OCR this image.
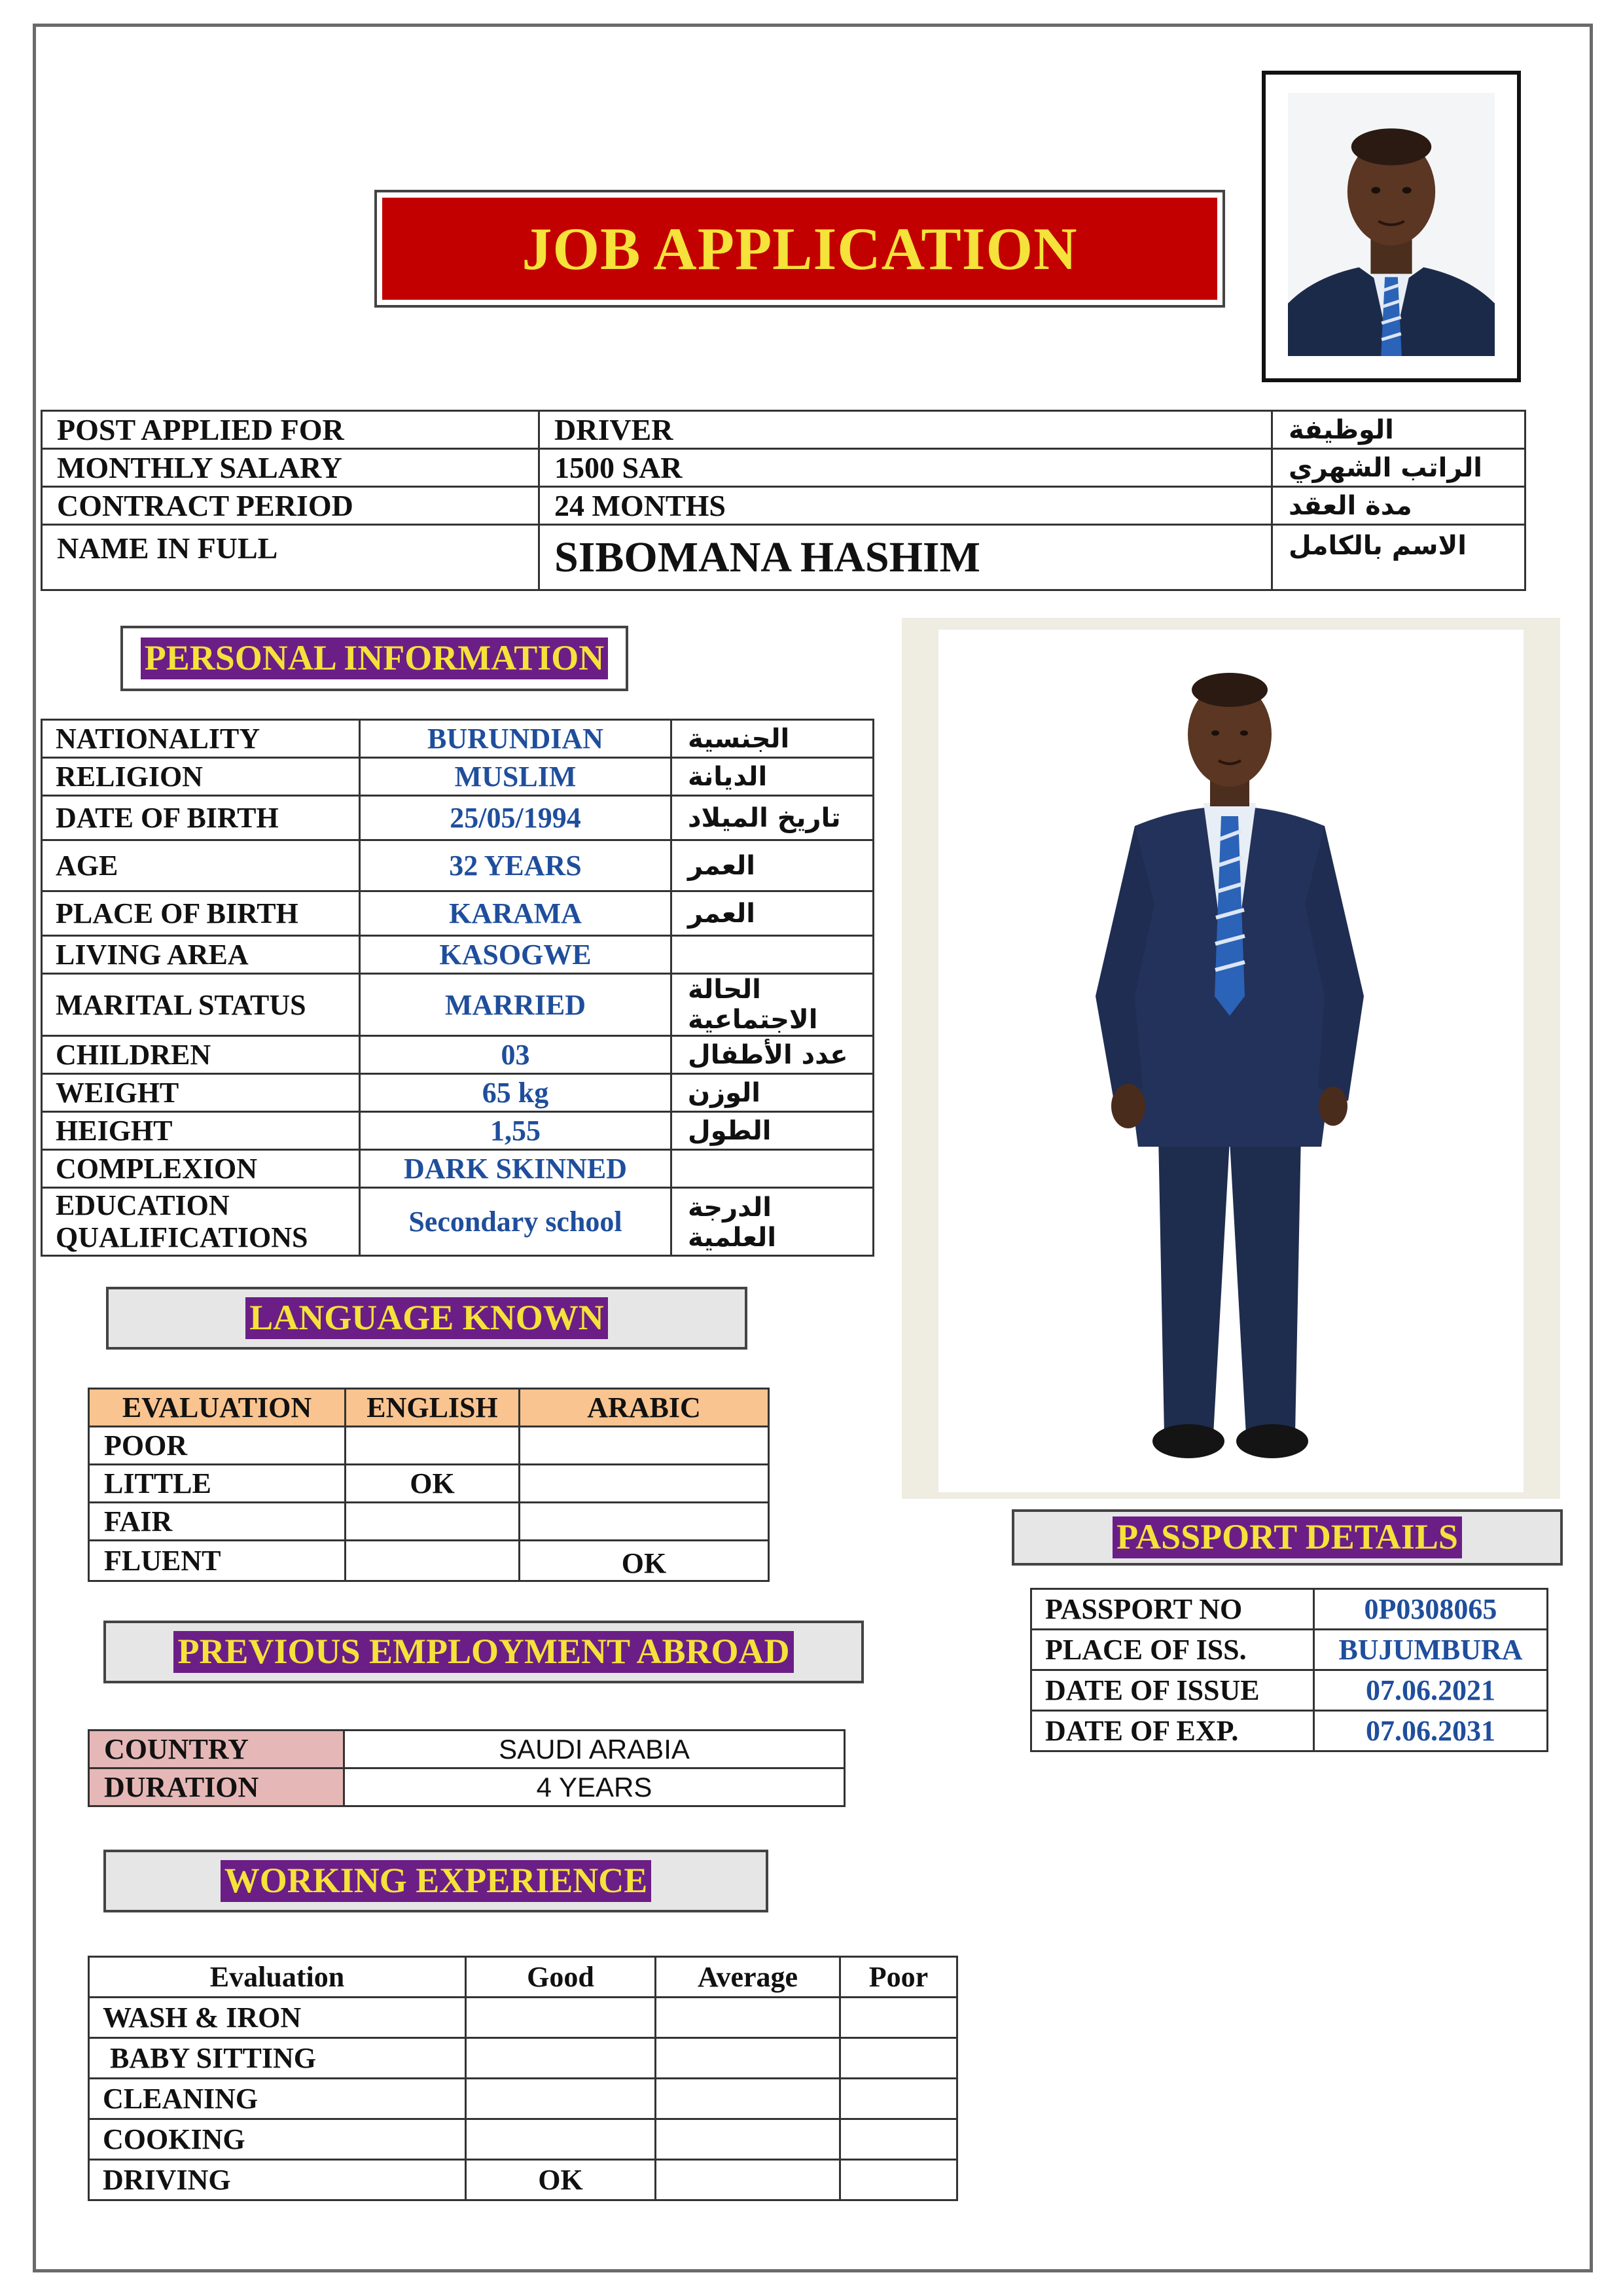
JOB APPLICATION
POST APPLIED FOR	DRIVER	الوظيفة
MONTHLY SALARY	1500 SAR	الراتب الشهري
CONTRACT PERIOD	24 MONTHS	مدة العقد
NAME IN FULL	SIBOMANA HASHIM	الاسم بالكامل
PERSONAL INFORMATION
NATIONALITY	BURUNDIAN	الجنسية
RELIGION	MUSLIM	الديانة
DATE OF BIRTH	25/05/1994	تاريخ الميلاد
AGE	32 YEARS	العمر
PLACE OF BIRTH	KARAMA	العمر
LIVING AREA	KASOGWE	
MARITAL STATUS	MARRIED	الحالة الاجتماعية
CHILDREN	03	عدد الأطفال
WEIGHT	65 kg	الوزن
HEIGHT	1,55	الطول
COMPLEXION	DARK SKINNED	
EDUCATION QUALIFICATIONS	Secondary school	الدرجة العلمية
LANGUAGE KNOWN
EVALUATION	ENGLISH	ARABIC
POOR		
LITTLE	OK	
FAIR		
FLUENT		OK
PREVIOUS EMPLOYMENT ABROAD
COUNTRY	SAUDI ARABIA
DURATION	4 YEARS
WORKING EXPERIENCE
Evaluation	Good	Average	Poor
WASH & IRON			
BABY SITTING			
CLEANING			
COOKING			
DRIVING	OK		
PASSPORT DETAILS
PASSPORT NO	0P0308065
PLACE OF ISS.	BUJUMBURA
DATE OF ISSUE	07.06.2021
DATE OF EXP.	07.06.2031
